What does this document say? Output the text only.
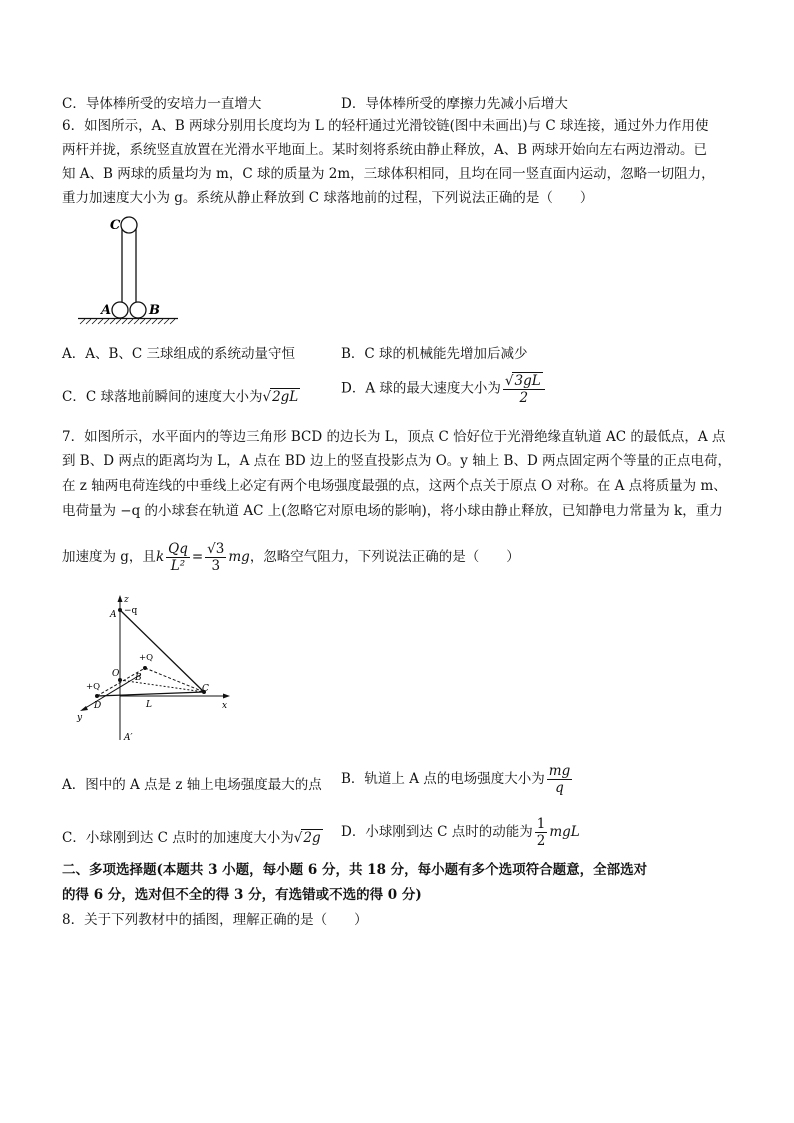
C．导体棒所受的安培力一直增大	D．导体棒所受的摩擦力先减小后增大
6．如图所示，A、B 两球分别用长度均为 L 的轻杆通过光滑铰链(图中未画出)与 C 球连接，通过外力作用使
两杆并拢，系统竖直放置在光滑水平地面上。某时刻将系统由静止释放，A、B 两球开始向左右两边滑动。已
知 A、B 两球的质量均为 m，C 球的质量为 2m，三球体积相同，且均在同一竖直面内运动，忽略一切阻力，
重力加速度大小为 g。系统从静止释放到 C 球落地前的过程，下列说法正确的是（　　）
C
A	B
A．A、B、C 三球组成的系统动量守恒	B．C 球的机械能先增加后减少
C．C 球落地前瞬间的速度大小为√2gL
D．A 球的最大速度大小为 $\frac{√3gL}{2}$
7．如图所示，水平面内的等边三角形 BCD 的边长为 L，顶点 C 恰好位于光滑绝缘直轨道 AC 的最低点，A 点
到 B、D 两点的距离均为 L，A 点在 BD 边上的竖直投影点为 O。y 轴上 B、D 两点固定两个等量的正点电荷，
在 z 轴两电荷连线的中垂线上必定有两个电场强度最强的点，这两个点关于原点 O 对称。在 A 点将质量为 m、
电荷量为 −q 的小球套在轨道 AC 上(忽略它对原电场的影响)，将小球由静止释放，已知静电力常量为 k，重力
加速度为 g，且k $\frac{Qq}{\text{L²}} = \frac{√3}{3}$ mg，忽略空气阻力，下列说法正确的是（　　）
z
−q
A
+Q
O B
+Q
D
C
L	x
y
A′
A．图中的 A 点是 z 轴上电场强度最大的点 B．轨道上 A 点的电场强度大小为 $\frac{mg}{q}$
C．小球刚到达 C 点时的加速度大小为√2g D．小球刚到达 C 点时的动能为 $\frac{1}{2}$ mgL
二、多项选择题(本题共 3 小题，每小题 6 分，共 18 分，每小题有多个选项符合题意，全部选对
的得 6 分，选对但不全的得 3 分，有选错或不选的得 0 分)
8．关于下列教材中的插图，理解正确的是（　　）
